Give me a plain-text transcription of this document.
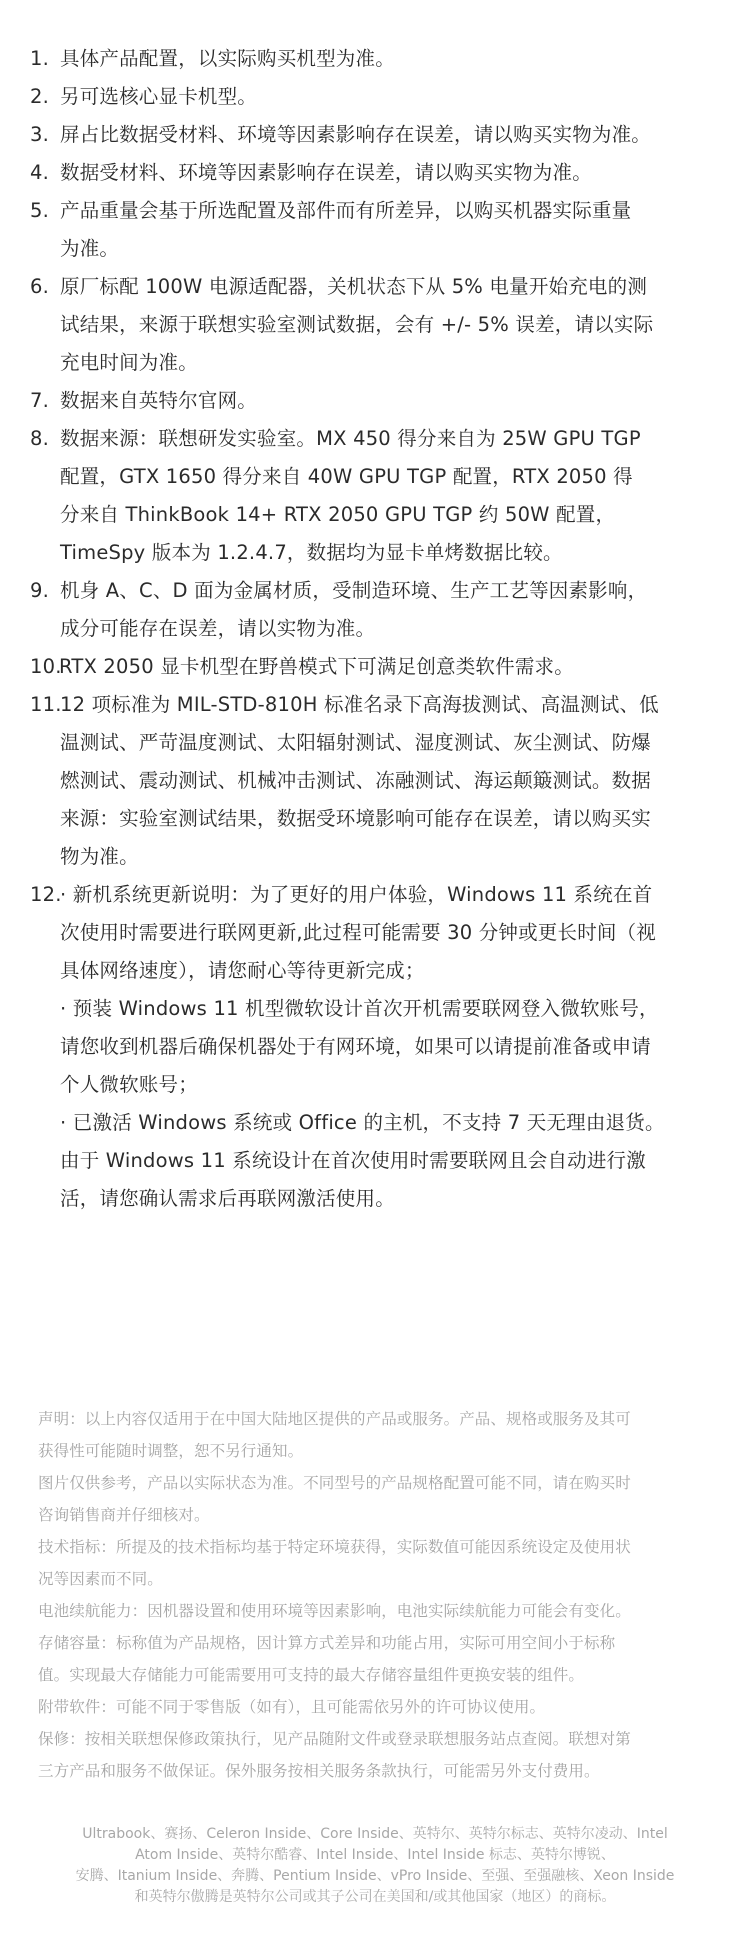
1. 具体产品配置，以实际购买机型为准。
2. 另可选核心显卡机型。
3. 屏占比数据受材料、环境等因素影响存在误差，请以购买实物为准。
4. 数据受材料、环境等因素影响存在误差，请以购买实物为准。
5. 产品重量会基于所选配置及部件而有所差异，以购买机器实际重量
为准。
6. 原厂标配 100W 电源适配器，关机状态下从 5% 电量开始充电的测
试结果，来源于联想实验室测试数据，会有 +/- 5% 误差，请以实际
充电时间为准。
7. 数据来自英特尔官网。
8. 数据来源：联想研发实验室。MX 450 得分来自为 25W GPU TGP
配置，GTX 1650 得分来自 40W GPU TGP 配置，RTX 2050 得
分来自 ThinkBook 14+ RTX 2050 GPU TGP 约 50W 配置，
TimeSpy 版本为 1.2.4.7，数据均为显卡单烤数据比较。
9. 机身 A、C、D 面为金属材质，受制造环境、生产工艺等因素影响，
成分可能存在误差，请以实物为准。
10.
RTX 2050 显卡机型在野兽模式下可满足创意类软件需求。
11.
12 项标准为 MIL-STD-810H 标准名录下高海拔测试、高温测试、低
温测试、严苛温度测试、太阳辐射测试、湿度测试、灰尘测试、防爆
燃测试、震动测试、机械冲击测试、冻融测试、海运颠簸测试。数据
来源：实验室测试结果，数据受环境影响可能存在误差，请以购买实
物为准。
12.
· 新机系统更新说明：为了更好的用户体验，Windows 11 系统在首
次使用时需要进行联网更新,此过程可能需要 30 分钟或更长时间（视
具体网络速度），请您耐心等待更新完成；
· 预装 Windows 11 机型微软设计首次开机需要联网登入微软账号，
请您收到机器后确保机器处于有网环境，如果可以请提前准备或申请
个人微软账号；
· 已激活 Windows 系统或 Office 的主机，不支持 7 天无理由退货。
由于 Windows 11 系统设计在首次使用时需要联网且会自动进行激
活，请您确认需求后再联网激活使用。
声明：以上内容仅适用于在中国大陆地区提供的产品或服务。产品、规格或服务及其可
获得性可能随时调整，恕不另行通知。
图片仅供参考，产品以实际状态为准。不同型号的产品规格配置可能不同，请在购买时
咨询销售商并仔细核对。
技术指标：所提及的技术指标均基于特定环境获得，实际数值可能因系统设定及使用状
况等因素而不同。
电池续航能力：因机器设置和使用环境等因素影响，电池实际续航能力可能会有变化。
存储容量：标称值为产品规格，因计算方式差异和功能占用，实际可用空间小于标称
值。实现最大存储能力可能需要用可支持的最大存储容量组件更换安装的组件。
附带软件：可能不同于零售版（如有），且可能需依另外的许可协议使用。
保修：按相关联想保修政策执行，见产品随附文件或登录联想服务站点查阅。联想对第
三方产品和服务不做保证。保外服务按相关服务条款执行，可能需另外支付费用。
Ultrabook、赛扬、Celeron Inside、Core Inside、英特尔、英特尔标志、英特尔凌动、Intel
Atom Inside、英特尔酷睿、Intel Inside、Intel Inside 标志、英特尔博锐、
安腾、Itanium Inside、奔腾、Pentium Inside、vPro Inside、至强、至强融核、Xeon Inside
和英特尔傲腾是英特尔公司或其子公司在美国和/或其他国家（地区）的商标。
